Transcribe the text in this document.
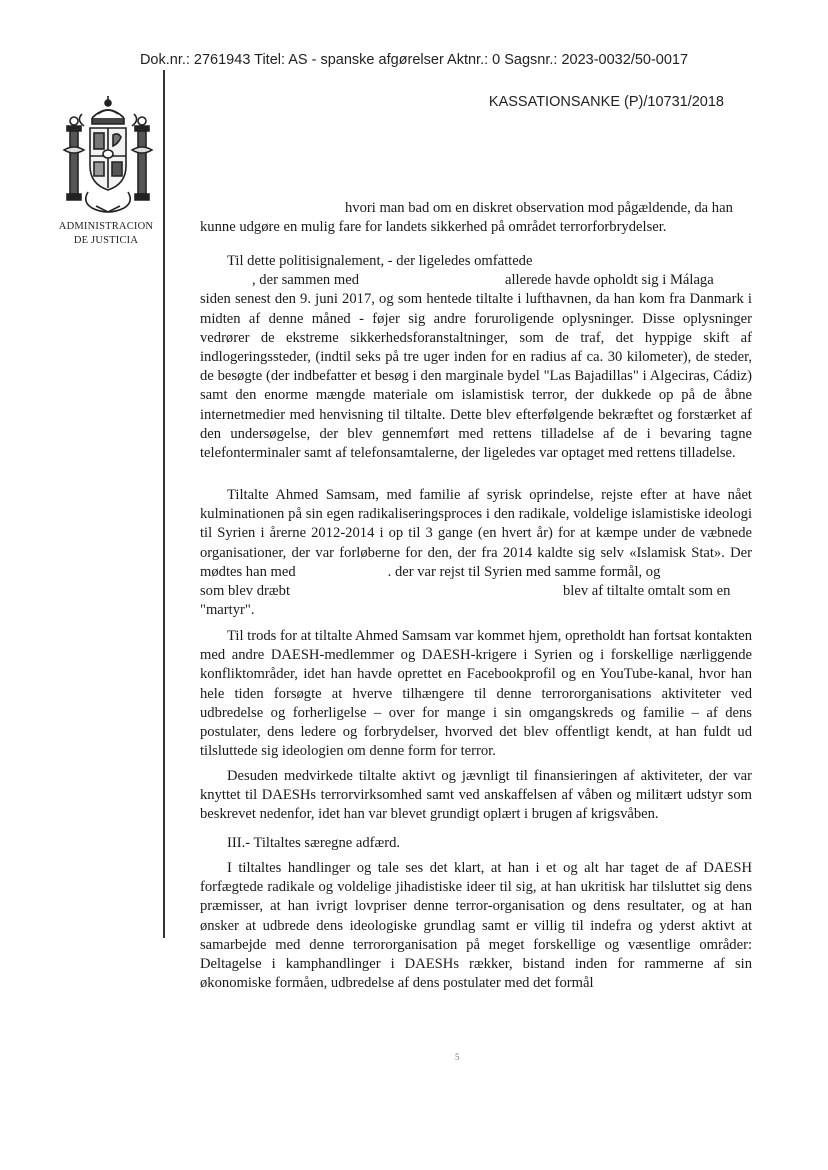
Dok.nr.: 2761943 Titel: AS - spanske afgørelser Aktnr.: 0 Sagsnr.: 2023-0032/50-0017
KASSATIONSANKE (P)/10731/2018
ADMINISTRACION
DE JUSTICIA

hvori man bad om en diskret observation mod pågældende, da han

kunne udgøre en mulig fare for landets sikkerhed på området terrorforbrydelser.

Til dette politisignalement, - der ligeledes omfattede

, der sammen med	allerede havde opholdt sig i Málaga

siden senest den 9. juni 2017, og som hentede tiltalte i lufthavnen, da han kom fra Danmark i midten af denne måned - føjer sig andre foruroligende oplysninger. Disse oplysninger vedrører de ekstreme sikkerhedsforanstaltninger, som de traf, det hyppige skift af indlogeringssteder, (indtil seks på tre uger inden for en radius af ca. 30 kilometer), de steder, de besøgte (der indbefatter et besøg i den marginale bydel "Las Bajadillas" i Algeciras, Cádiz) samt den enorme mængde materiale om islamistisk terror, der dukkede op på de åbne internetmedier med henvisning til tiltalte. Dette blev efterfølgende bekræftet og forstærket af den undersøgelse, der blev gennemført med rettens tilladelse af de i bevaring tagne telefonterminaler samt af telefonsamtalerne, der ligeledes var optaget med rettens tilladelse.

Tiltalte Ahmed Samsam, med familie af syrisk oprindelse, rejste efter at have nået kulminationen på sin egen radikaliseringsproces i den radikale, voldelige islamistiske ideologi til Syrien i årerne 2012-2014 i op til 3 gange (en hvert år) for at kæmpe under de væbnede organisationer, der var forløberne for den, der fra 2014 kaldte sig selv «Islamisk Stat». Der mødtes han med	. der var rejst til Syrien med samme formål, og

som blev dræbt	blev af tiltalte omtalt som en

"martyr".

Til trods for at tiltalte Ahmed Samsam var kommet hjem, opretholdt han fortsat kontakten med andre DAESH-medlemmer og DAESH-krigere i Syrien og i forskellige nærliggende konfliktområder, idet han havde oprettet en Facebookprofil og en YouTube-kanal, hvor han hele tiden forsøgte at hverve tilhængere til denne terrororganisations aktiviteter ved udbredelse og forherligelse – over for mange i sin omgangskreds og familie – af dens postulater, dens ledere og forbrydelser, hvorved det blev offentligt kendt, at han fuldt ud tilsluttede sig ideologien om denne form for terror.

Desuden medvirkede tiltalte aktivt og jævnligt til finansieringen af aktiviteter, der var knyttet til DAESHs terrorvirksomhed samt ved anskaffelsen af våben og militært udstyr som beskrevet nedenfor, idet han var blevet grundigt oplært i brugen af krigsvåben.

III.- Tiltaltes særegne adfærd.

I tiltaltes handlinger og tale ses det klart, at han i et og alt har taget de af DAESH forfægtede radikale og voldelige jihadistiske ideer til sig, at han ukritisk har tilsluttet sig dens præmisser, at han ivrigt lovpriser denne terror-organisation og dens resultater, og at han ønsker at udbrede dens ideologiske grundlag samt er villig til indefra og yderst aktivt at samarbejde med denne terrororganisation på meget forskellige og væsentlige områder: Deltagelse i kamphandlinger i DAESHs rækker, bistand inden for rammerne af sin økonomiske formåen, udbredelse af dens postulater med det formål

5
